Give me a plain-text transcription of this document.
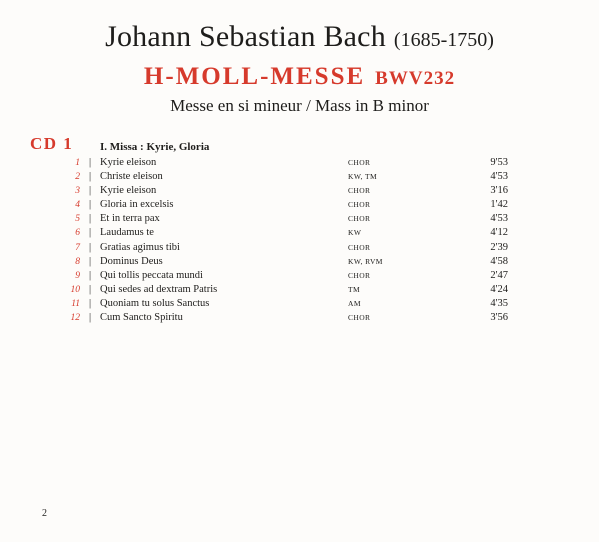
Johann Sebastian Bach (1685-1750)
H-MOLL-MESSE BWV232
Messe en si mineur / Mass in B minor
CD 1 I. Missa : Kyrie, Gloria
1 | Kyrie eleison	CHOR	9'53
2 | Christe eleison	KW, TM	4'53
3 | Kyrie eleison	CHOR	3'16
4 | Gloria in excelsis	CHOR	1'42
5 | Et in terra pax	CHOR	4'53
6 | Laudamus te	KW	4'12
7 | Gratias agimus tibi	CHOR	2'39
8 | Dominus Deus	KW, RVM	4'58
9 | Qui tollis peccata mundi	CHOR	2'47
10 | Qui sedes ad dextram Patris	TM	4'24
11 | Quoniam tu solus Sanctus	AM	4'35
12 | Cum Sancto Spiritu	CHOR	3'56
2
